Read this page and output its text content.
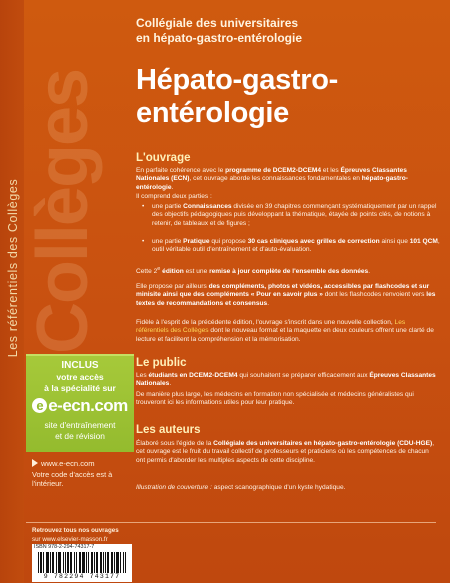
Les référentiels des Collèges Collèges
Collégiale des universitaires
en hépato-gastro-entérologie
Hépato-gastro-
entérologie
L'ouvrage

En parfaite cohérence avec le programme de DCEM2-DCEM4 et les Épreuves Classantes Nationales (ECN), cet ouvrage aborde les connaissances fondamentales en hépato-gastro-entérologie.

Il comprend deux parties :

• une partie Connaissances divisée en 39 chapitres commençant systématiquement par un rappel des objectifs pédagogiques puis développant la thématique, étayée de points clés, de notions à retenir, de tableaux et de figures ;

• une partie Pratique qui propose 30 cas cliniques avec grilles de correction ainsi que 101 QCM, outil véritable outil d'entraînement et d'auto-évaluation.

Cette 2e édition est une remise à jour complète de l'ensemble des données.

Elle propose par ailleurs des compléments, photos et vidéos, accessibles par flashcodes et sur minisite ainsi que des compléments « Pour en savoir plus » dont les flashcodes renvoient vers les textes de recommandations et consensus.

Fidèle à l'esprit de la précédente édition, l'ouvrage s'inscrit dans une nouvelle collection, Les référentiels des Collèges dont le nouveau format et la maquette en deux couleurs offrent une clarté de lecture et facilitent la compréhension et la mémorisation.

Le public

Les étudiants en DCEM2-DCEM4 qui souhaitent se préparer efficacement aux Épreuves Classantes Nationales.

De manière plus large, les médecins en formation non spécialisée et médecins généralistes qui trouveront ici les informations utiles pour leur pratique.

Les auteurs

Élaboré sous l'égide de la Collégiale des universitaires en hépato-gastro-entérologie (CDU-HGE), cet ouvrage est le fruit du travail collectif de professeurs et praticiens où les compétences de chacun ont permis d'aborder les multiples aspects de cette discipline.

Illustration de couverture : aspect scanographique d'un kyste hydatique.

INCLUS
votre accès
à la spécialité sur
e e-ecn.com
site d'entraînement
et de révision
www.e-ecn.com
Votre code d'accès est à l'intérieur.
Retrouvez tous nos ouvrages
sur www.elsevier-masson.fr
ISBN 978-2-294-74317-7
9 782294 743177
